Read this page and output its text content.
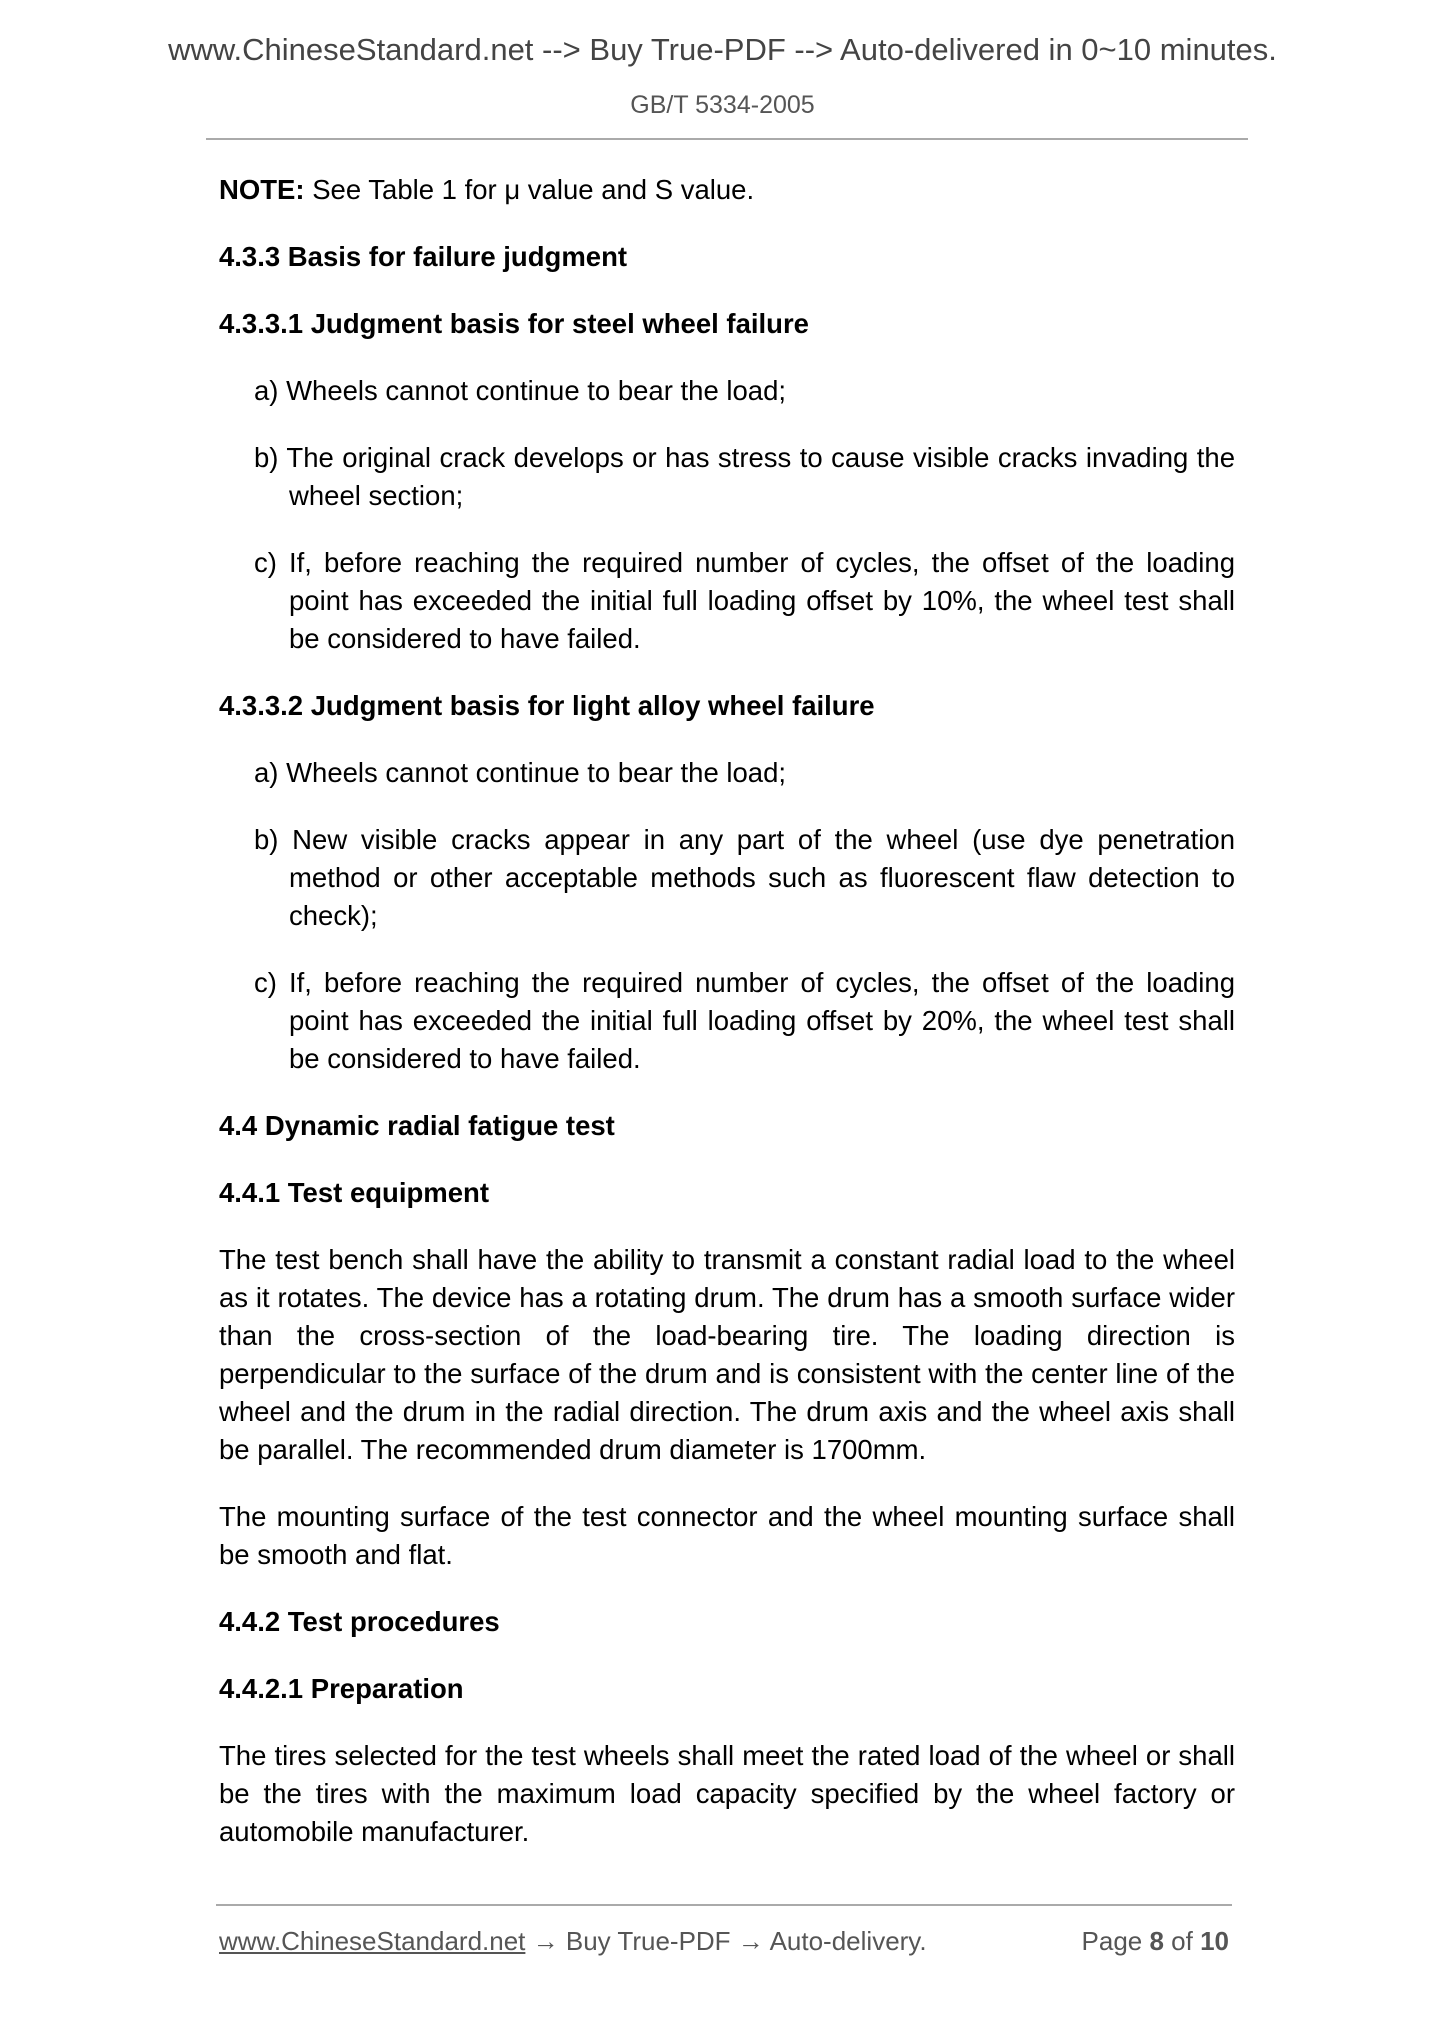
www.ChineseStandard.net --> Buy True-PDF --> Auto-delivered in 0~10 minutes.
GB/T 5334-2005

NOTE: See Table 1 for μ value and S value.

4.3.3 Basis for failure judgment

4.3.3.1 Judgment basis for steel wheel failure

a) Wheels cannot continue to bear the load;

b) The original crack develops or has stress to cause visible cracks invading the wheel section;

c) If, before reaching the required number of cycles, the offset of the loading point has exceeded the initial full loading offset by 10%, the wheel test shall be considered to have failed.

4.3.3.2 Judgment basis for light alloy wheel failure

a) Wheels cannot continue to bear the load;

b) New visible cracks appear in any part of the wheel (use dye penetration method or other acceptable methods such as fluorescent flaw detection to check);

c) If, before reaching the required number of cycles, the offset of the loading point has exceeded the initial full loading offset by 20%, the wheel test shall be considered to have failed.

4.4 Dynamic radial fatigue test

4.4.1 Test equipment

The test bench shall have the ability to transmit a constant radial load to the wheel as it rotates. The device has a rotating drum. The drum has a smooth surface wider than the cross-section of the load-bearing tire. The loading direction is perpendicular to the surface of the drum and is consistent with the center line of the wheel and the drum in the radial direction. The drum axis and the wheel axis shall be parallel. The recommended drum diameter is 1700mm.

The mounting surface of the test connector and the wheel mounting surface shall be smooth and flat.

4.4.2 Test procedures

4.4.2.1 Preparation

The tires selected for the test wheels shall meet the rated load of the wheel or shall be the tires with the maximum load capacity specified by the wheel factory or automobile manufacturer.

www.ChineseStandard.net → Buy True-PDF → Auto-delivery.	Page 8 of 10
